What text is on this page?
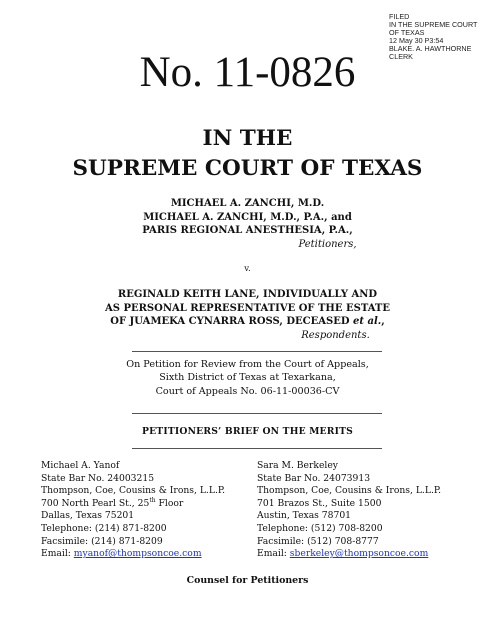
FILED
IN THE SUPREME COURT
OF TEXAS
12 May 30 P3:54
BLAKE. A. HAWTHORNE
CLERK
No. 11-0826
IN THE
SUPREME COURT OF TEXAS
MICHAEL A. ZANCHI, M.D.
MICHAEL A. ZANCHI, M.D., P.A., and
PARIS REGIONAL ANESTHESIA, P.A.,
Petitioners,
v.
REGINALD KEITH LANE, INDIVIDUALLY AND
AS PERSONAL REPRESENTATIVE OF THE ESTATE
OF JUAMEKA CYNARRA ROSS, DECEASED et al.,
Respondents.
On Petition for Review from the Court of Appeals,
Sixth District of Texas at Texarkana,
Court of Appeals No. 06-11-00036-CV
PETITIONERS’ BRIEF ON THE MERITS
Michael A. Yanof
State Bar No. 24003215
Thompson, Coe, Cousins & Irons, L.L.P.
700 North Pearl St., 25th Floor
Dallas, Texas 75201
Telephone: (214) 871-8200
Facsimile: (214) 871-8209
Email: myanof@thompsoncoe.com
Sara M. Berkeley
State Bar No. 24073913
Thompson, Coe, Cousins & Irons, L.L.P.
701 Brazos St., Suite 1500
Austin, Texas 78701
Telephone: (512) 708-8200
Facsimile: (512) 708-8777
Email: sberkeley@thompsoncoe.com
Counsel for Petitioners
